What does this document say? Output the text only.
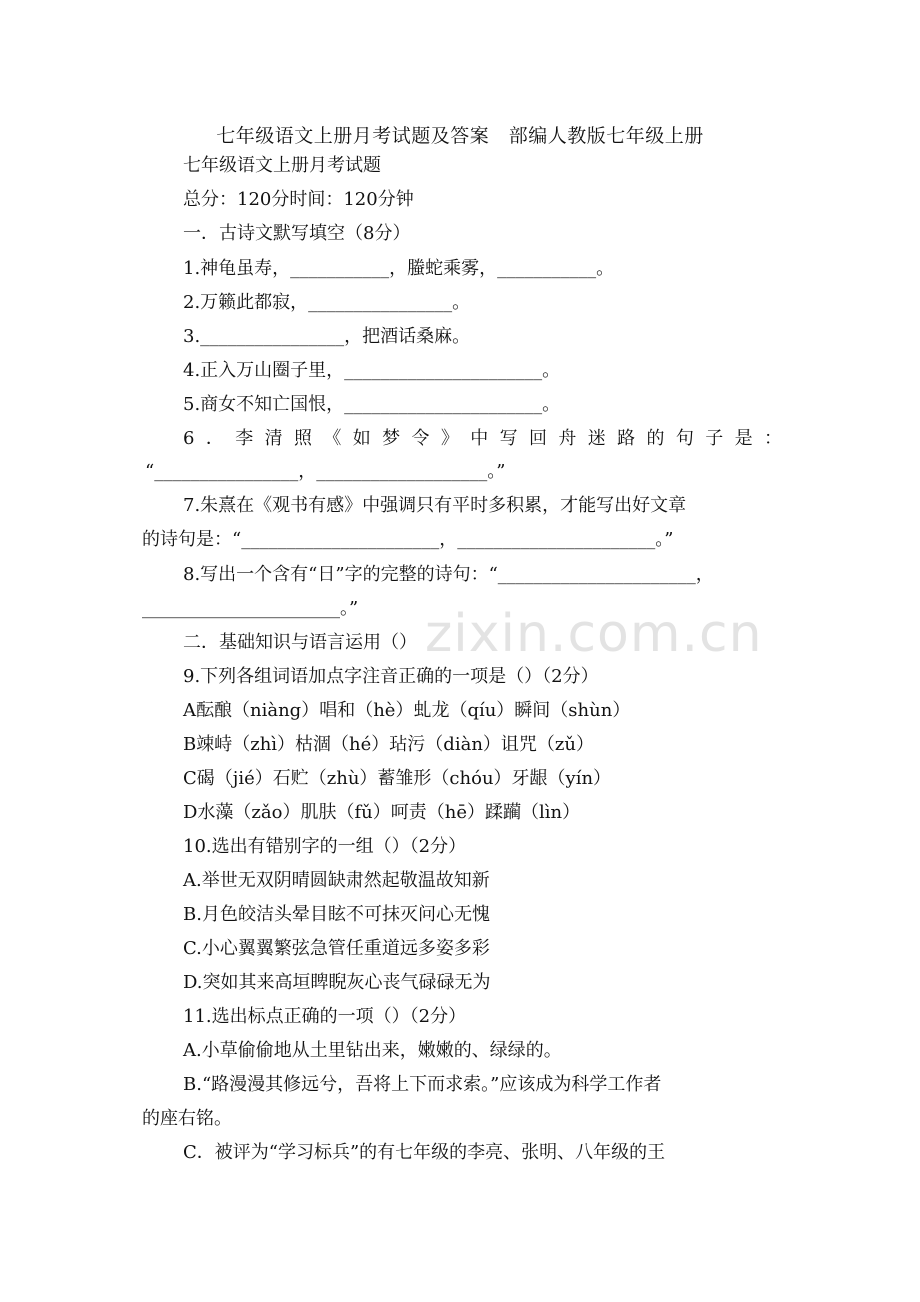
七年级语文上册月考试题及答案　部编人教版七年级上册
七年级语文上册月考试题
总分：120分时间：120分钟
一．古诗文默写填空（8分）
1.神龟虽寿，___________，螣蛇乘雾，___________。
2.万籁此都寂，________________。
3.________________，把酒话桑麻。
4.正入万山圈子里，______________________。
5.商女不知亡国恨，______________________。
6．李清照《如梦令》中写回舟迷路的句子是：
“________________，___________________。”
7.朱熹在《观书有感》中强调只有平时多积累，才能写出好文章
的诗句是：“______________________，______________________。”
8.写出一个含有“日”字的完整的诗句：“______________________，
______________________。”
二．基础知识与语言运用（）
9.下列各组词语加点字注音正确的一项是（）（2分）
A酝酿（niàng）唱和（hè）虬龙（qíu）瞬间（shùn）
B竦峙（zhì）枯涸（hé）玷污（diàn）诅咒（zǔ）
C碣（jié）石贮（zhù）蓄雏形（chóu）牙龈（yín）
D水藻（zǎo）肌肤（fǔ）呵责（hē）蹂躏（lìn）
10.选出有错别字的一组（）（2分）
A.举世无双阴晴圆缺肃然起敬温故知新
B.月色皎洁头晕目眩不可抹灭问心无愧
C.小心翼翼繁弦急管任重道远多姿多彩
D.突如其来高垣睥睨灰心丧气碌碌无为
11.选出标点正确的一项（）（2分）
A.小草偷偷地从土里钻出来，嫩嫩的、绿绿的。
B.“路漫漫其修远兮，吾将上下而求索。”应该成为科学工作者
的座右铭。
C．被评为“学习标兵”的有七年级的李亮、张明、八年级的王
zixin.com.cn
